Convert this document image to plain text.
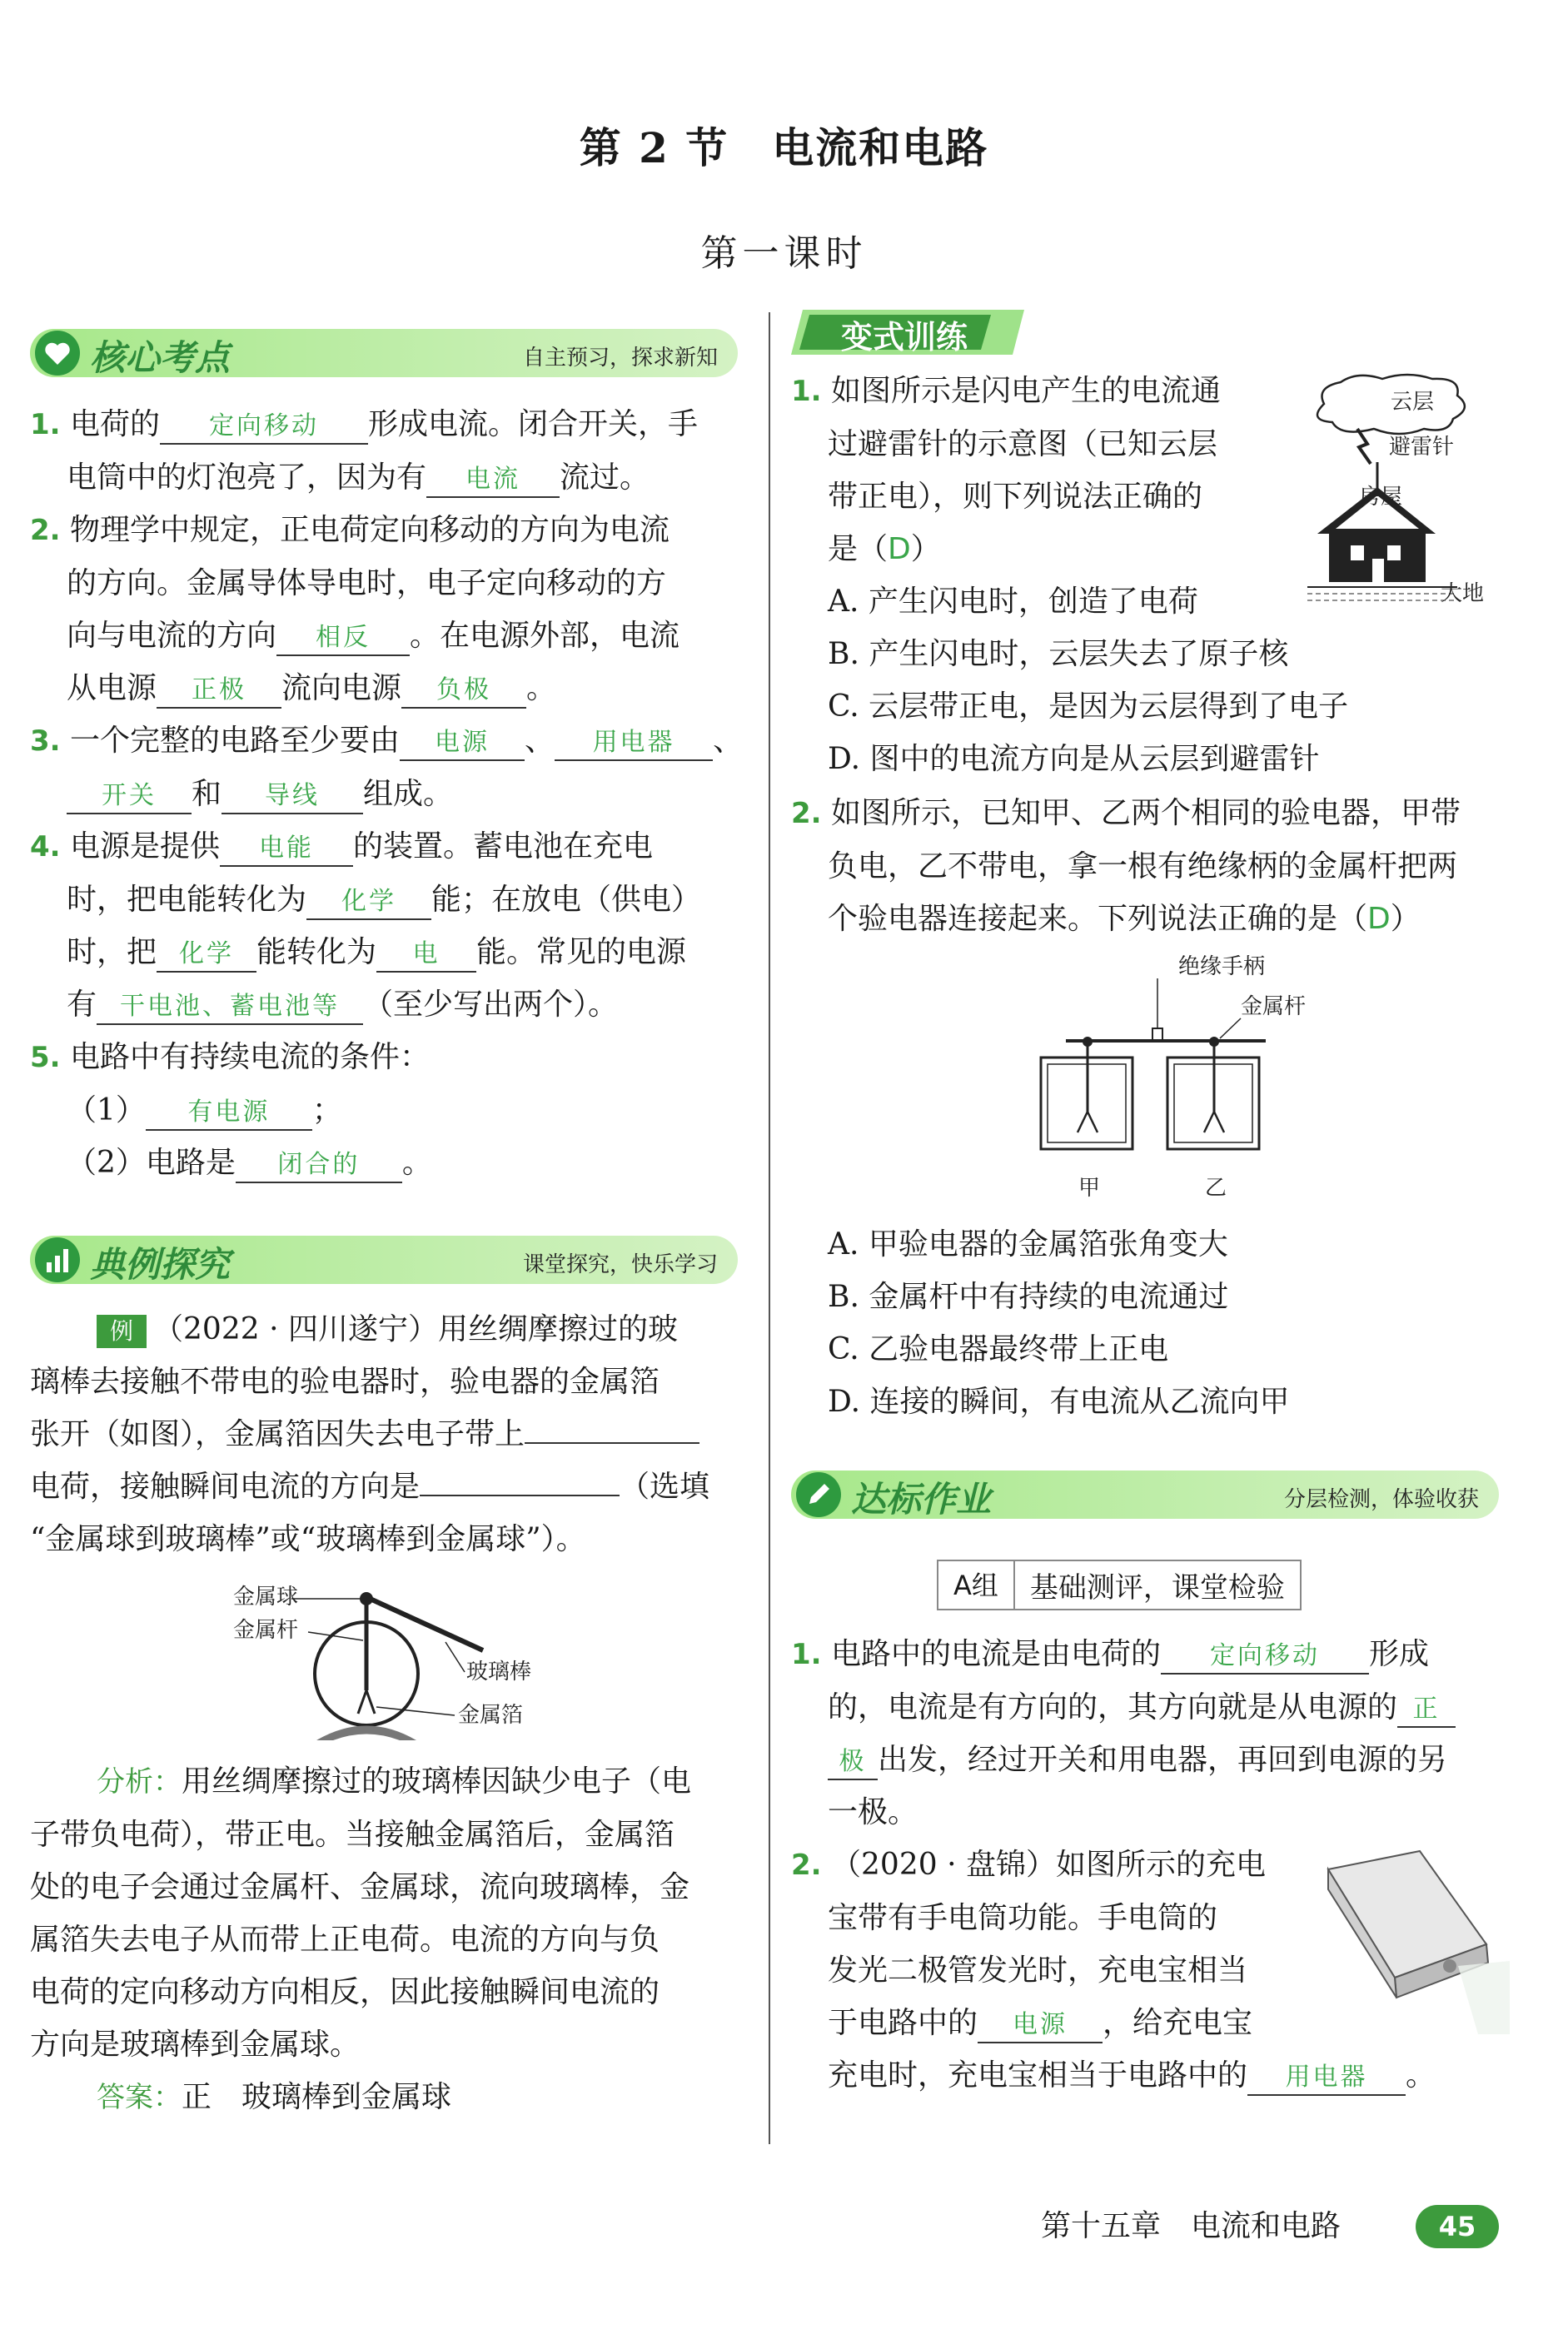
第 2 节　电流和电路
第一课时
核心考点	自主预习，探求新知
1. 电荷的 定向移动 形成电流。闭合开关，手
电筒中的灯泡亮了，因为有 电流 流过。
2. 物理学中规定，正电荷定向移动的方向为电流
的方向。金属导体导电时，电子定向移动的方
向与电流的方向 相反 。在电源外部，电流
从电源 正极 流向电源 负极 。
3. 一个完整的电路至少要由 电源 、 用电器 、
开关 和 导线 组成。
4. 电源是提供 电能 的装置。蓄电池在充电
时，把电能转化为 化学 能；在放电（供电）
时，把 化学 能转化为 电 能。常见的电源
有 干电池、蓄电池等 （至少写出两个）。
5. 电路中有持续电流的条件：
（1） 有电源 ；
（2）电路是 闭合的 。
典例探究	课堂探究，快乐学习
例 （2022 · 四川遂宁）用丝绸摩擦过的玻
璃棒去接触不带电的验电器时，验电器的金属箔
张开（如图），金属箔因失去电子带上
电荷，接触瞬间电流的方向是	（选填
“金属球到玻璃棒”或“玻璃棒到金属球”）。
金属球
金属杆
玻璃棒
金属箔
分析：用丝绸摩擦过的玻璃棒因缺少电子（电
子带负电荷），带正电。当接触金属箔后，金属箔
处的电子会通过金属杆、金属球，流向玻璃棒，金
属箔失去电子从而带上正电荷。电流的方向与负
电荷的定向移动方向相反，因此接触瞬间电流的
方向是玻璃棒到金属球。
答案：正　玻璃棒到金属球
变式训练
1. 如图所示是闪电产生的电流通
过避雷针的示意图（已知云层
带正电），则下列说法正确的
是（D）
A. 产生闪电时，创造了电荷
B. 产生闪电时，云层失去了原子核
C. 云层带正电，是因为云层得到了电子
D. 图中的电流方向是从云层到避雷针
云层
避雷针
房屋
大地
2. 如图所示，已知甲、乙两个相同的验电器，甲带
负电，乙不带电，拿一根有绝缘柄的金属杆把两
个验电器连接起来。下列说法正确的是（D）
绝缘手柄
金属杆
甲	乙
A. 甲验电器的金属箔张角变大
B. 金属杆中有持续的电流通过
C. 乙验电器最终带上正电
D. 连接的瞬间，有电流从乙流向甲
达标作业	分层检测，体验收获
A组	基础测评，课堂检验
1. 电路中的电流是由电荷的 定向移动 形成
的，电流是有方向的，其方向就是从电源的 正
极 出发，经过开关和用电器，再回到电源的另
一极。
2. （2020 · 盘锦）如图所示的充电
宝带有手电筒功能。手电筒的
发光二极管发光时，充电宝相当
于电路中的 电源 ，给充电宝
充电时，充电宝相当于电路中的 用电器 。
第十五章　电流和电路	45
